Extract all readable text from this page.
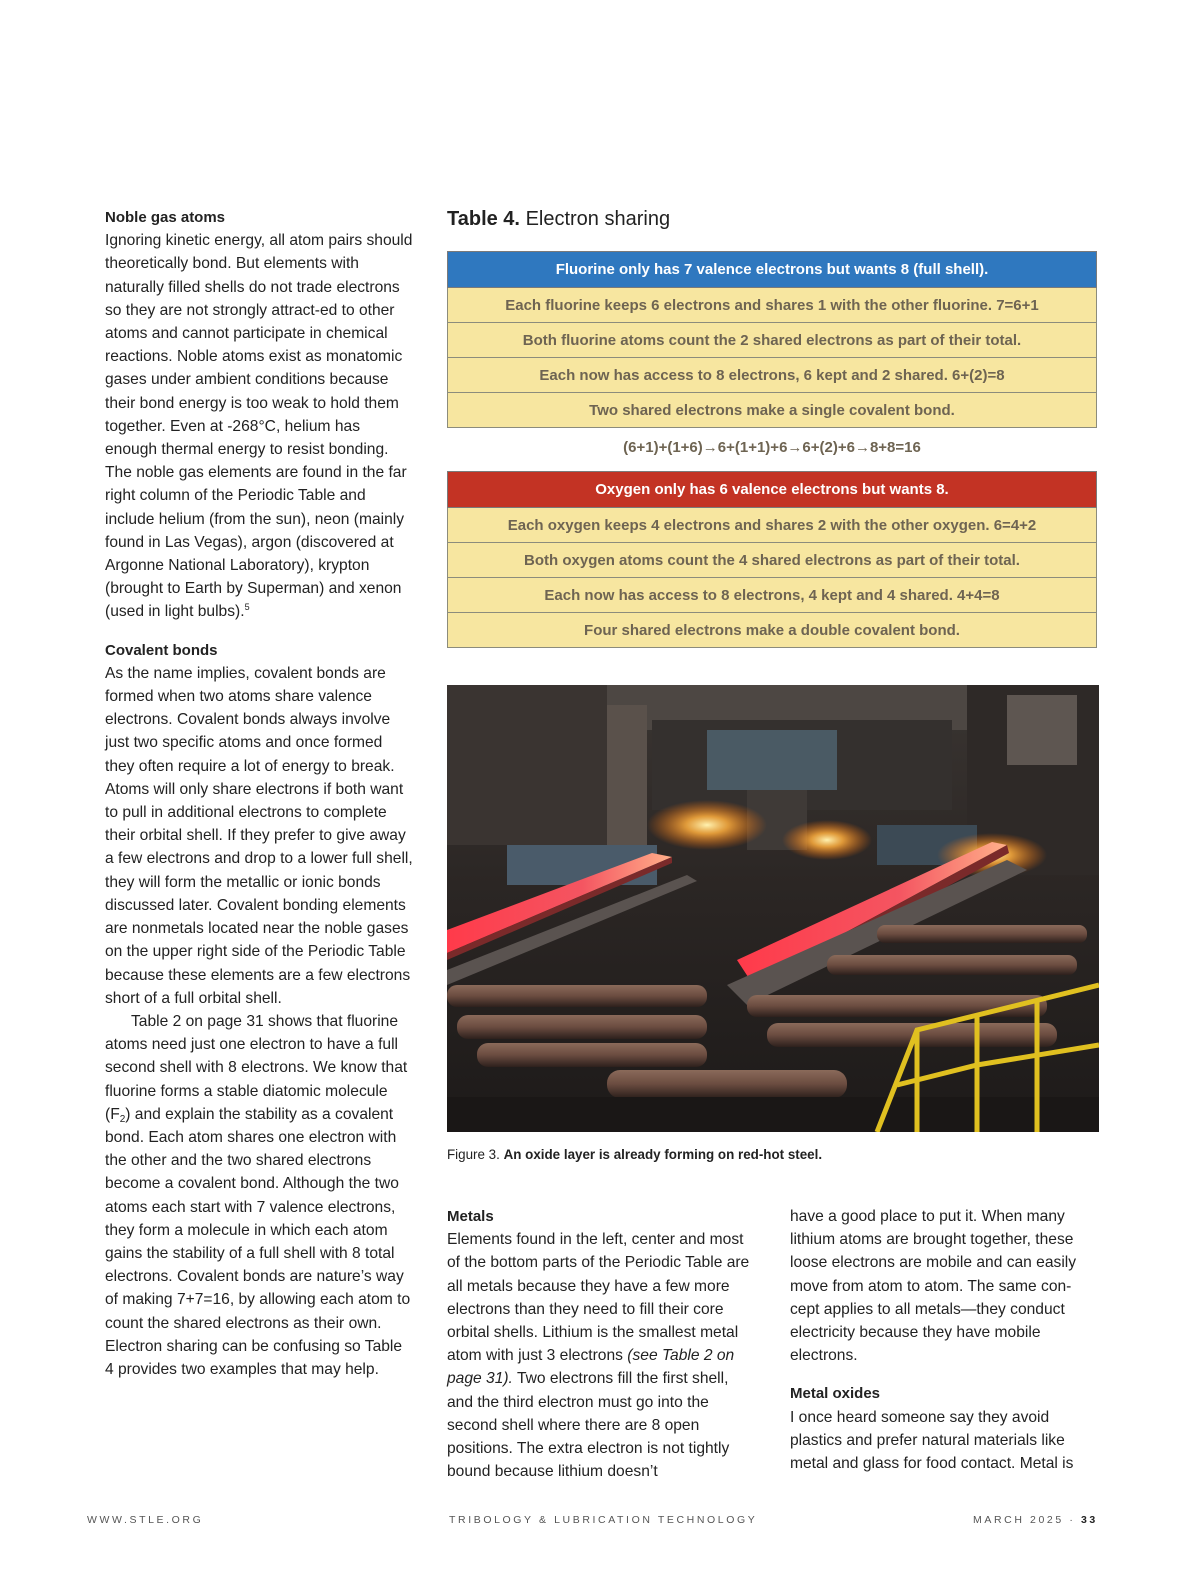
Noble gas atoms

Ignoring kinetic energy, all atom pairs should theoretically bond. But elements with naturally filled shells do not trade electrons so they are not strongly attract-ed to other atoms and cannot participate in chemical reactions. Noble atoms exist as monatomic gases under ambient conditions because their bond energy is too weak to hold them together. Even at -268°C, helium has enough thermal energy to resist bonding. The noble gas elements are found in the far right column of the Periodic Table and include helium (from the sun), neon (mainly found in Las Vegas), argon (discovered at Argonne National Laboratory), krypton (brought to Earth by Superman) and xenon (used in light bulbs).$^5$

Covalent bonds

As the name implies, covalent bonds are formed when two atoms share valence electrons. Covalent bonds always involve just two specific atoms and once formed they often require a lot of energy to break. Atoms will only share electrons if both want to pull in additional electrons to complete their orbital shell. If they prefer to give away a few electrons and drop to a lower full shell, they will form the metallic or ionic bonds discussed later. Covalent bonding elements are nonmetals located near the noble gases on the upper right side of the Periodic Table because these elements are a few electrons short of a full orbital shell.

Table 2 on page 31 shows that fluorine atoms need just one electron to have a full second shell with 8 electrons. We know that fluorine forms a stable diatomic molecule $(F_2)$ and explain the stability as a covalent bond. Each atom shares one electron with the other and the two shared electrons become a covalent bond. Although the two atoms each start with 7 valence electrons, they form a molecule in which each atom gains the stability of a full shell with 8 total electrons. Covalent bonds are nature’s way of making 7+7=16, by allowing each atom to count the shared electrons as their own. Electron sharing can be confusing so Table 4 provides two examples that may help.

Table 4. Electron sharing
Fluorine only has 7 valence electrons but wants 8 (full shell).
Each fluorine keeps 6 electrons and shares 1 with the other fluorine. 7=6+1
Both fluorine atoms count the 2 shared electrons as part of their total.
Each now has access to 8 electrons, 6 kept and 2 shared. 6+(2)=8
Two shared electrons make a single covalent bond.
(6+1)+(1+6)→6+(1+1)+6→6+(2)+6→8+8=16
Oxygen only has 6 valence electrons but wants 8.
Each oxygen keeps 4 electrons and shares 2 with the other oxygen. 6=4+2
Both oxygen atoms count the 4 shared electrons as part of their total.
Each now has access to 8 electrons, 4 kept and 4 shared. 4+4=8
Four shared electrons make a double covalent bond.
Figure 3. An oxide layer is already forming on red-hot steel.

Metals

Elements found in the left, center and most of the bottom parts of the Periodic Table are all metals because they have a few more electrons than they need to fill their core orbital shells. Lithium is the smallest metal atom with just 3 electrons (see Table 2 on page 31). Two electrons fill the first shell, and the third electron must go into the second shell where there are 8 open positions. The extra electron is not tightly bound because lithium doesn’t

have a good place to put it. When many lithium atoms are brought together, these loose electrons are mobile and can easily move from atom to atom. The same con-cept applies to all metals—they conduct electricity because they have mobile electrons.

Metal oxides

I once heard someone say they avoid plastics and prefer natural materials like metal and glass for food contact. Metal is

WWW.STLE.ORG	TRIBOLOGY & LUBRICATION TECHNOLOGY	MARCH 2025 · 33
